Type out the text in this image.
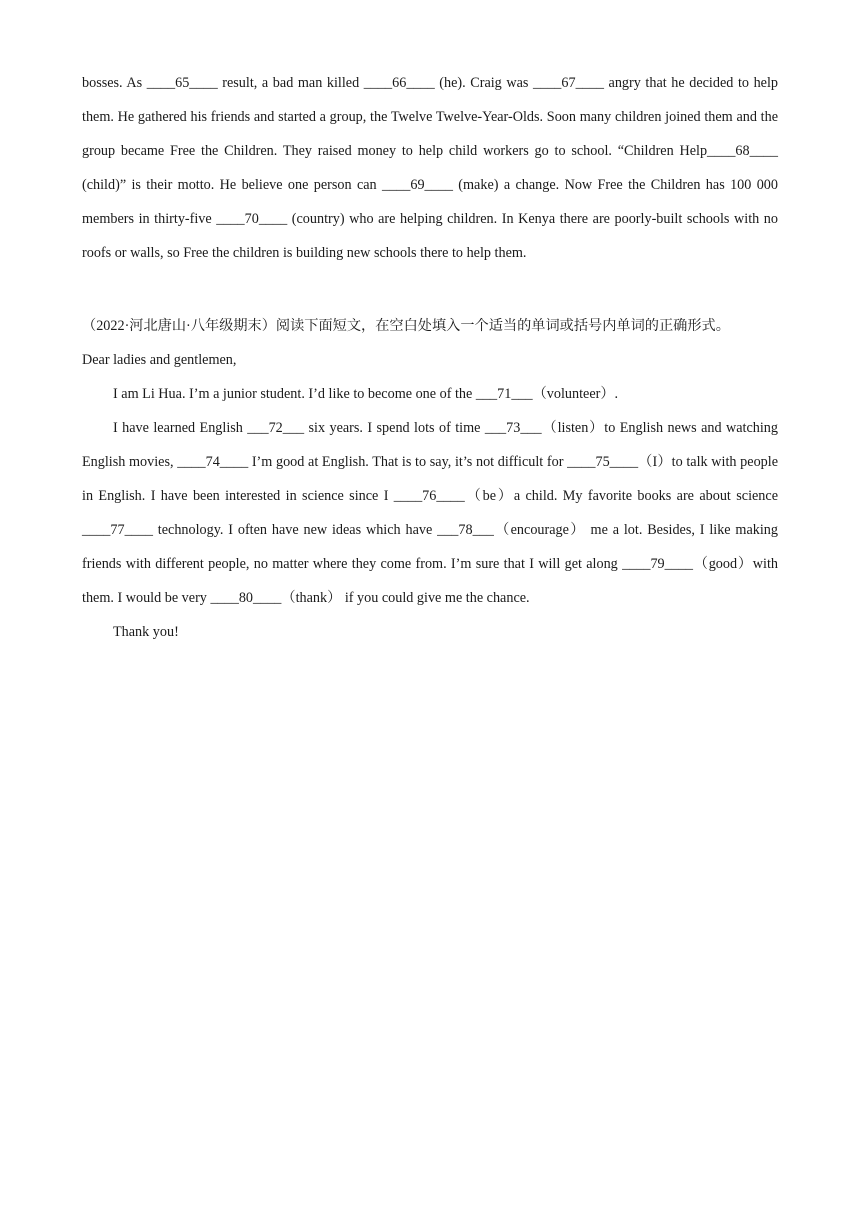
bosses. As ____65____ result, a bad man killed ____66____ (he). Craig was ____67____ angry that he decided to help them. He gathered his friends and started a group, the Twelve Twelve-Year-Olds. Soon many children joined them and the group became Free the Children. They raised money to help child workers go to school. “Children Help____68____ (child)” is their motto. He believe one person can ____69____ (make) a change. Now Free the Children has 100 000 members in thirty-five ____70____ (country) who are helping children. In Kenya there are poorly-built schools with no roofs or walls, so Free the children is building new schools there to help them.

（2022·河北唐山·八年级期末）阅读下面短文，在空白处填入一个适当的单词或括号内单词的正确形式。

Dear ladies and gentlemen,

I am Li Hua. I’m a junior student. I’d like to become one of the ___71___（volunteer）.

I have learned English ___72___ six years. I spend lots of time ___73___（listen）to English news and watching English movies, ____74____ I’m good at English. That is to say, it’s not difficult for ____75____（I）to talk with people in English. I have been interested in science since I ____76____（be）a child. My favorite books are about science ____77____ technology. I often have new ideas which have ___78___（encourage） me a lot. Besides, I like making friends with different people, no matter where they come from. I’m sure that I will get along ____79____（good）with them. I would be very ____80____（thank） if you could give me the chance.

Thank you!
